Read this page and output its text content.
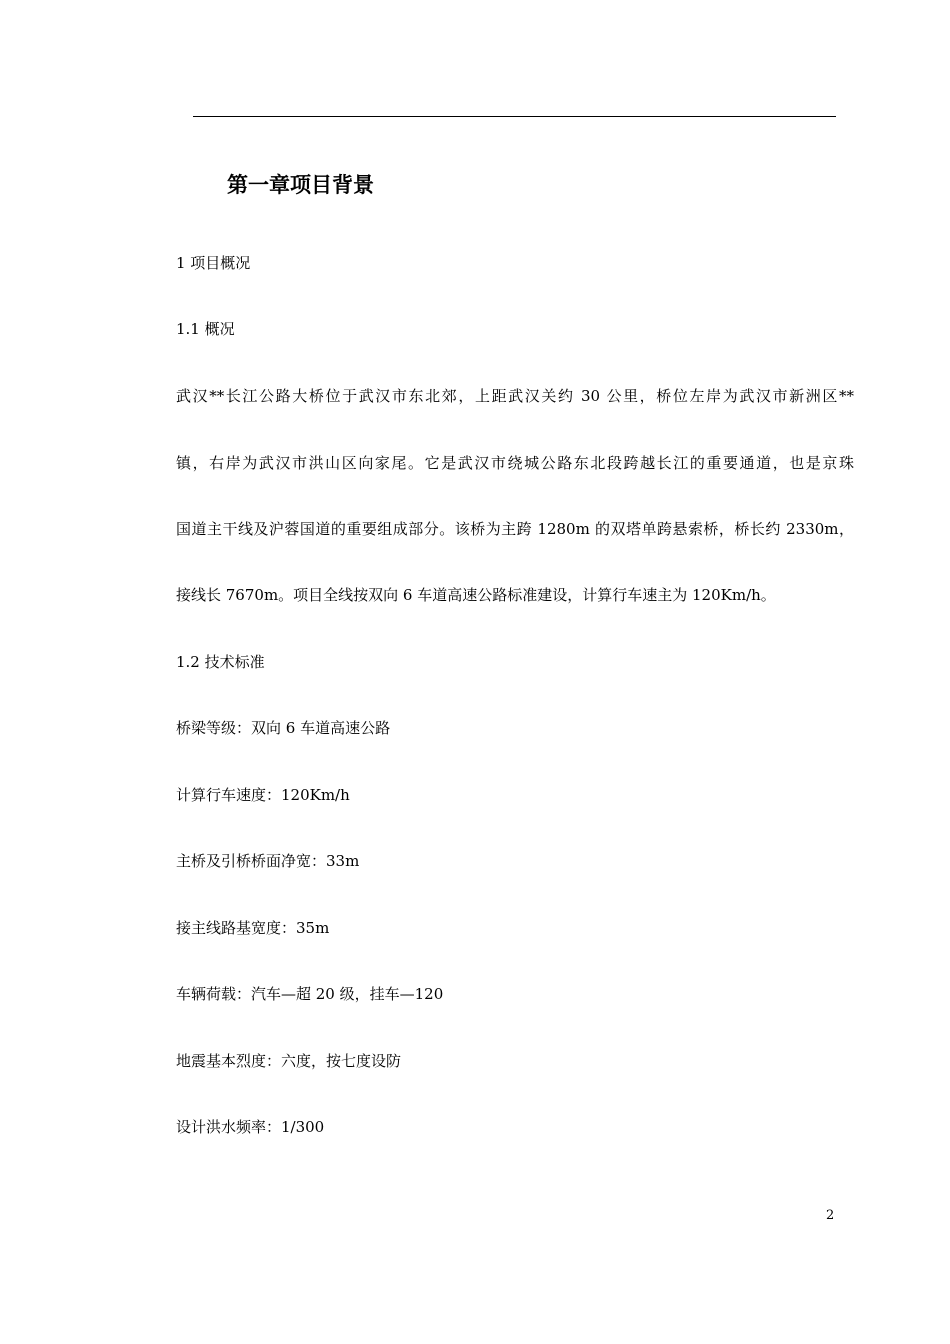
第一章项目背景
1 项目概况
1.1 概况
武汉**长江公路大桥位于武汉市东北郊，上距武汉关约 30 公里，桥位左岸为武汉市新洲区**
镇，右岸为武汉市洪山区向家尾。它是武汉市绕城公路东北段跨越长江的重要通道，也是京珠
国道主干线及沪蓉国道的重要组成部分。该桥为主跨 1280m 的双塔单跨悬索桥，桥长约 2330m，
接线长 7670m。项目全线按双向 6 车道高速公路标准建设，计算行车速主为 120Km/h。
1.2 技术标准
桥梁等级：双向 6 车道高速公路
计算行车速度：120Km/h
主桥及引桥桥面净宽：33m
接主线路基宽度：35m
车辆荷载：汽车—超 20 级，挂车—120
地震基本烈度：六度，按七度设防
设计洪水频率：1/300
2
